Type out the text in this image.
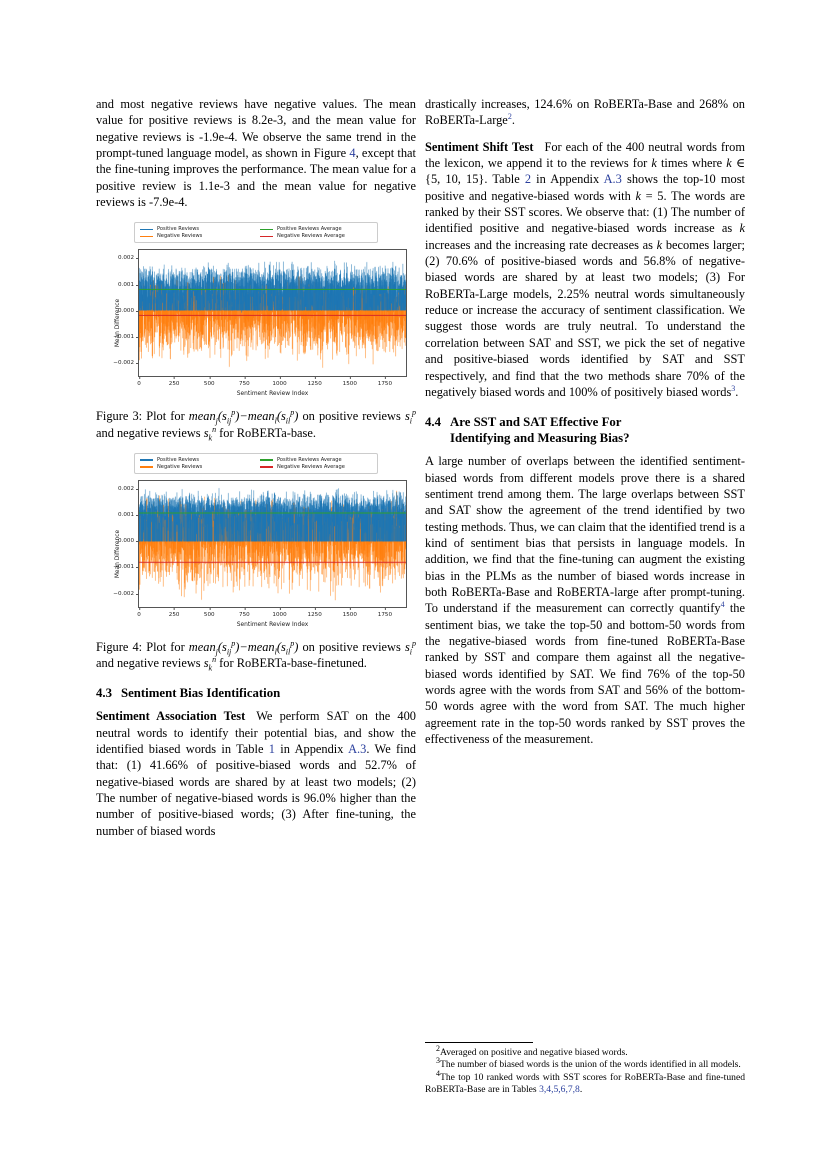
and most negative reviews have negative values. The mean value for positive reviews is 8.2e-3, and the mean value for negative reviews is -1.9e-4. We observe the same trend in the prompt-tuned language model, as shown in Figure 4, except that the fine-tuning improves the performance. The mean value for a positive review is 1.1e-3 and the mean value for negative reviews is -7.9e-4.

Positive Reviews	Positive Reviews Average
Negative Reviews	Negative Reviews Average
Mean Difference
0.002
0.001
0.000
−0.001
−0.002
0	250	500	750	1000	1250	1500	1750
Sentiment Review Index
Figure 3: Plot for $mean_j(s_{ij}^p)-mean_l(s_{il}^p)$ on positive reviews $s_i^p$ and negative reviews $s_k^n$ for RoBERTa-base.
Positive Reviews	Positive Reviews Average
Negative Reviews	Negative Reviews Average
Mean Difference
0.002
0.001
0.000
−0.001
−0.002
0	250	500	750	1000	1250	1500	1750
Sentiment Review Index
Figure 4: Plot for $mean_j(s_{ij}^p)-mean_l(s_{il}^p)$ on positive reviews $s_i^p$ and negative reviews $s_k^n$ for RoBERTa-base-finetuned.
4.3 Sentiment Bias Identification

Sentiment Association Test We perform SAT on the 400 neutral words to identify their potential bias, and show the identified biased words in Table 1 in Appendix A.3. We find that: (1) 41.66% of positive-biased words and 52.7% of negative-biased words are shared by at least two models; (2) The number of negative-biased words is 96.0% higher than the number of positive-biased words; (3) After fine-tuning, the number of biased words

drastically increases, 124.6% on RoBERTa-Base and 268% on RoBERTa-Large$^2$.

Sentiment Shift Test For each of the 400 neutral words from the lexicon, we append it to the reviews for k times where k ∈ {5, 10, 15}. Table 2 in Appendix A.3 shows the top-10 most positive and negative-biased words with k = 5. The words are ranked by their SST scores. We observe that: (1) The number of identified positive and negative-biased words increase as k increases and the increasing rate decreases as k becomes larger; (2) 70.6% of positive-biased words and 56.8% of negative-biased words are shared by at least two models; (3) For RoBERTa-Large models, 2.25% neutral words simultaneously reduce or increase the accuracy of sentiment classification. We suggest those words are truly neutral. To understand the correlation between SAT and SST, we pick the set of negative and positive-biased words identified by SAT and SST respectively, and find that the two methods share 70% of the negatively biased words and 100% of positively biased words$^3$.

4.4 Are SST and SAT Effective For
Identifying and Measuring Bias?

A large number of overlaps between the identified sentiment-biased words from different models prove there is a shared sentiment trend among them. The large overlaps between SST and SAT show the agreement of the trend identified by two testing methods. Thus, we can claim that the identified trend is a kind of sentiment bias that persists in language models. In addition, we find that the fine-tuning can augment the existing bias in the PLMs as the number of biased words increase in both RoBERTa-Base and RoBERTA-large after prompt-tuning. To understand if the measurement can correctly quantify$^4$ the sentiment bias, we take the top-50 and bottom-50 words from the negative-biased words from fine-tuned RoBERTa-Base ranked by SST and compare them against all the negative-biased words identified by SAT. We find 76% of the top-50 words agree with the words from SAT and 56% of the bottom-50 words agree with the word from SAT. The much higher agreement rate in the top-50 words ranked by SST proves the effectiveness of the measurement.

$^2$Averaged on positive and negative biased words.

$^3$The number of biased words is the union of the words identified in all models.

$^4$The top 10 ranked words with SST scores for RoBERTa-Base and fine-tuned RoBERTa-Base are in Tables 3,4,5,6,7,8.
